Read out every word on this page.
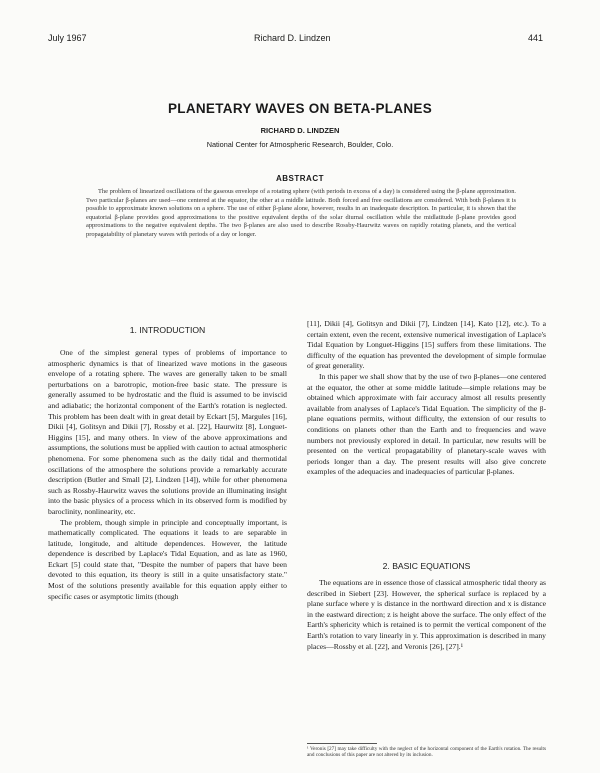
July 1967	Richard D. Lindzen	441
PLANETARY WAVES ON BETA-PLANES
RICHARD D. LINDZEN
National Center for Atmospheric Research, Boulder, Colo.
ABSTRACT
The problem of linearized oscillations of the gaseous envelope of a rotating sphere (with periods in excess of a day) is considered using the β-plane approximation. Two particular β-planes are used—one centered at the equator, the other at a middle latitude. Both forced and free oscillations are considered. With both β-planes it is possible to approximate known solutions on a sphere. The use of either β-plane alone, however, results in an inadequate description. In particular, it is shown that the equatorial β-plane provides good approximations to the positive equivalent depths of the solar diurnal oscillation while the midlatitude β-plane provides good approximations to the negative equivalent depths. The two β-planes are also used to describe Rossby-Haurwitz waves on rapidly rotating planets, and the vertical propagatability of planetary waves with periods of a day or longer.
1. INTRODUCTION

One of the simplest general types of problems of importance to atmospheric dynamics is that of linearized wave motions in the gaseous envelope of a rotating sphere. The waves are generally taken to be small perturbations on a barotropic, motion-free basic state. The pressure is generally assumed to be hydrostatic and the fluid is assumed to be inviscid and adiabatic; the horizontal component of the Earth's rotation is neglected. This problem has been dealt with in great detail by Eckart [5], Margules [16], Dikii [4], Golitsyn and Dikii [7], Rossby et al. [22], Haurwitz [8], Longuet-Higgins [15], and many others. In view of the above approximations and assumptions, the solutions must be applied with caution to actual atmospheric phenomena. For some phenomena such as the daily tidal and thermotidal oscillations of the atmosphere the solutions provide a remarkably accurate description (Butler and Small [2], Lindzen [14]), while for other phenomena such as Rossby-Haurwitz waves the solutions provide an illuminating insight into the basic physics of a process which in its observed form is modified by baroclinity, nonlinearity, etc.

The problem, though simple in principle and conceptually important, is mathematically complicated. The equations it leads to are separable in latitude, longitude, and altitude dependences. However, the latitude dependence is described by Laplace's Tidal Equation, and as late as 1960, Eckart [5] could state that, "Despite the number of papers that have been devoted to this equation, its theory is still in a quite unsatisfactory state." Most of the solutions presently available for this equation apply either to specific cases or asymptotic limits (though

[11], Dikii [4], Golitsyn and Dikii [7], Lindzen [14], Kato [12], etc.). To a certain extent, even the recent, extensive numerical investigation of Laplace's Tidal Equation by Longuet-Higgins [15] suffers from these limitations. The difficulty of the equation has prevented the development of simple formulae of great generality.

In this paper we shall show that by the use of two β-planes—one centered at the equator, the other at some middle latitude—simple relations may be obtained which approximate with fair accuracy almost all results presently available from analyses of Laplace's Tidal Equation. The simplicity of the β-plane equations permits, without difficulty, the extension of our results to conditions on planets other than the Earth and to frequencies and wave numbers not previously explored in detail. In particular, new results will be presented on the vertical propagatability of planetary-scale waves with periods longer than a day. The present results will also give concrete examples of the adequacies and inadequacies of particular β-planes.

2. BASIC EQUATIONS

The equations are in essence those of classical atmospheric tidal theory as described in Siebert [23]. However, the spherical surface is replaced by a plane surface where y is distance in the northward direction and x is distance in the eastward direction; z is height above the surface. The only effect of the Earth's sphericity which is retained is to permit the vertical component of the Earth's rotation to vary linearly in y. This approximation is described in many places—Rossby et al. [22], and Veronis [26], [27].¹

¹ Veronis [27] may take difficulty with the neglect of the horizontal component of the Earth's rotation. The results and conclusions of this paper are not altered by its inclusion.
